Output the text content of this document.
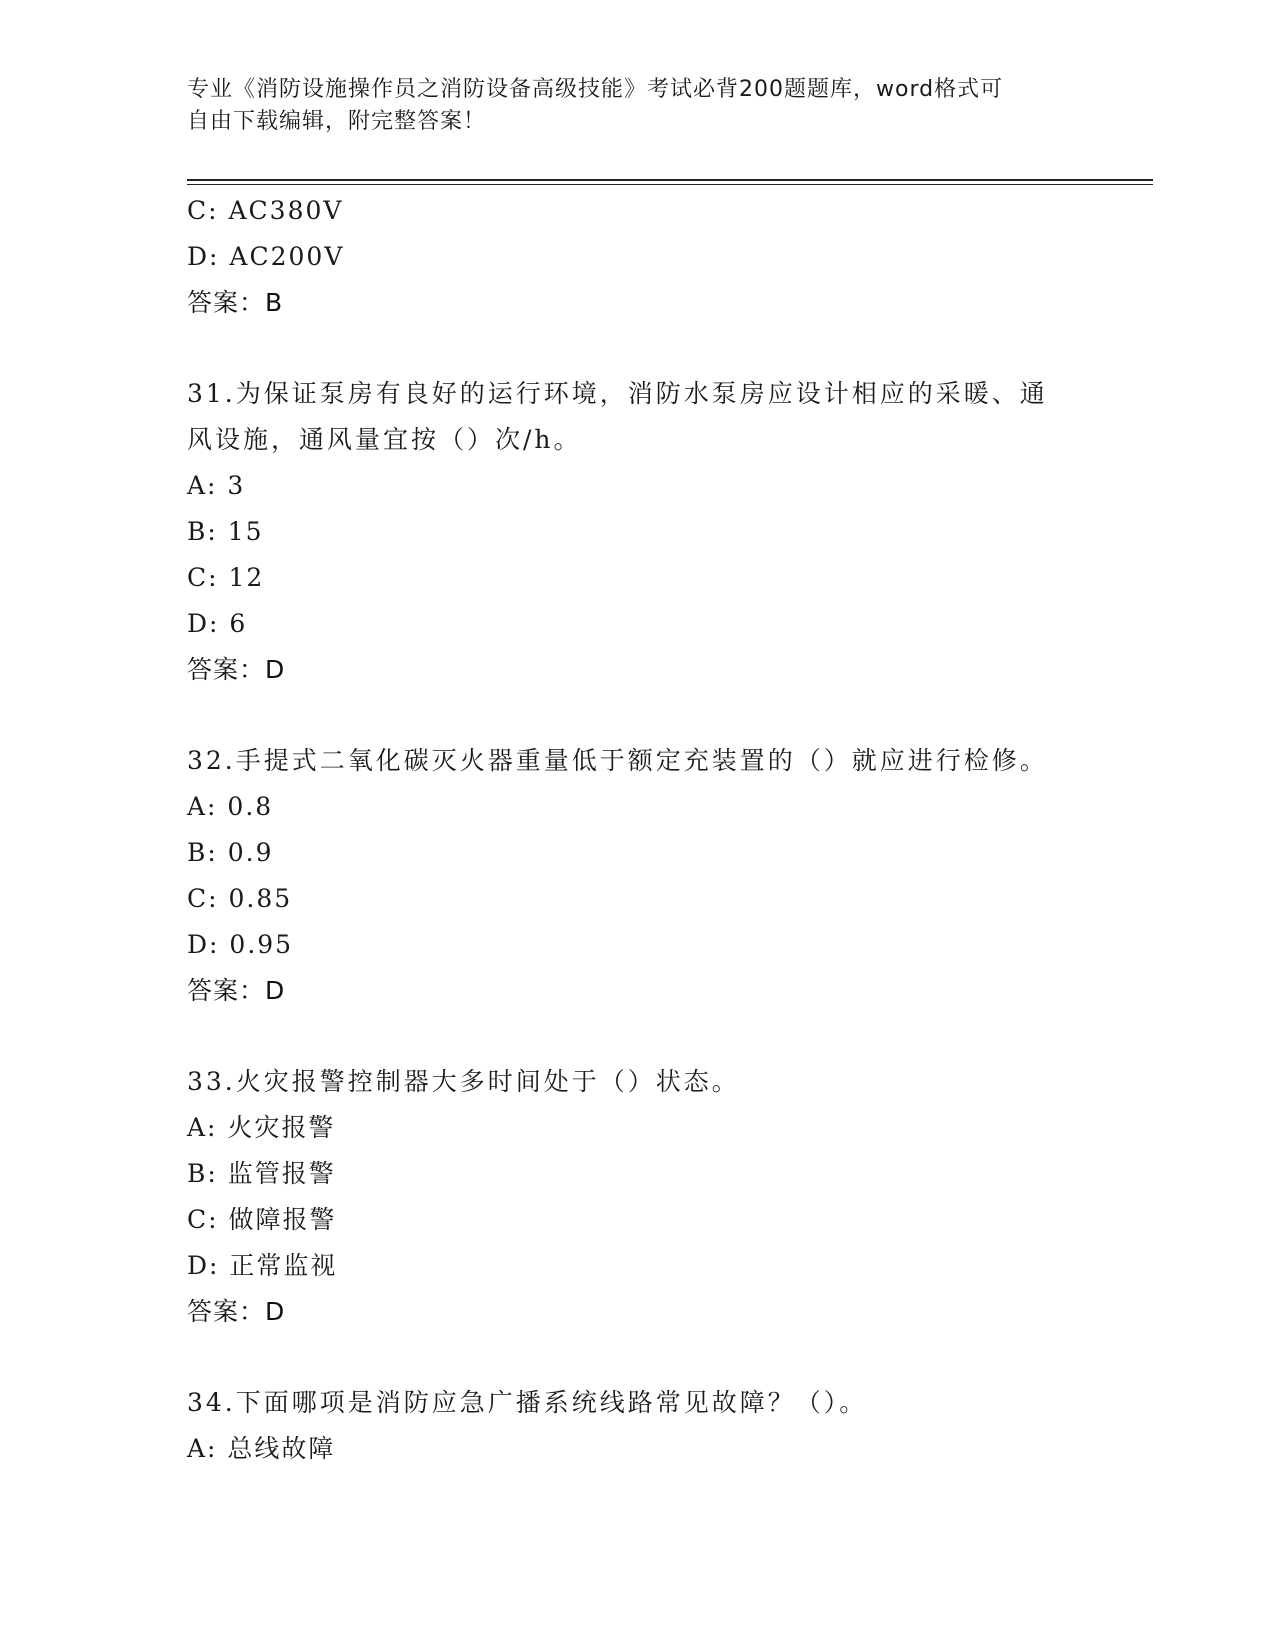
专业《消防设施操作员之消防设备高级技能》考试必背200题题库，word格式可
自由下载编辑，附完整答案！
C: AC380V
D: AC200V
答案：B
31.为保证泵房有良好的运行环境，消防水泵房应设计相应的采暖、通
风设施，通风量宜按（）次/h。
A: 3
B: 15
C: 12
D: 6
答案：D
32.手提式二氧化碳灭火器重量低于额定充装置的（）就应进行检修。
A: 0.8
B: 0.9
C: 0.85
D: 0.95
答案：D
33.火灾报警控制器大多时间处于（）状态。
A: 火灾报警
B: 监管报警
C: 做障报警
D: 正常监视
答案：D
34.下面哪项是消防应急广播系统线路常见故障？（）。
A: 总线故障
